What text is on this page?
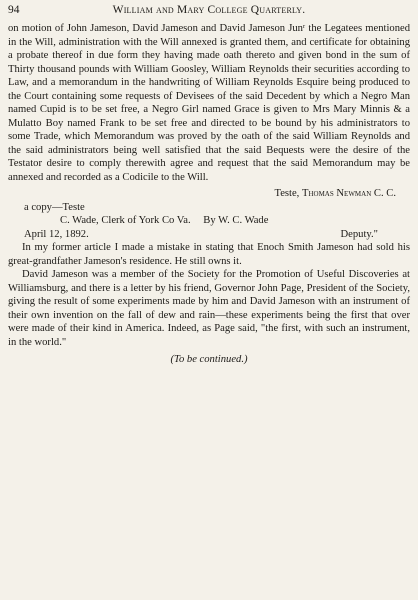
94	William and Mary College Quarterly.

on motion of John Jameson, David Jameson and David Jameson Junʳ the Legatees mentioned in the Will, administration with the Will annexed is granted them, and certificate for obtaining a probate thereof in due form they having made oath thereto and given bond in the sum of Thirty thousand pounds with William Goosley, William Reynolds their securities according to Law, and a memorandum in the handwriting of William Reynolds Esquire being produced to the Court containing some requests of Devisees of the said Decedent by which a Negro Man named Cupid is to be set free, a Negro Girl named Grace is given to Mrs Mary Minnis & a Mulatto Boy named Frank to be set free and directed to be bound by his administrators to some Trade, which Memorandum was proved by the oath of the said William Reynolds and the said administrators being well satisfied that the said Bequests were the desire of the Testator desire to comply therewith agree and request that the said Memorandum may be annexed and recorded as a Codicile to the Will.

Teste, Thomas Newman C. C.
a copy—Teste
C. Wade, Clerk of York Co Va. By W. C. Wade
April 12, 1892.	Deputy."

In my former article I made a mistake in stating that Enoch Smith Jameson had sold his great-grandfather Jameson's residence. He still owns it.

David Jameson was a member of the Society for the Promotion of Useful Discoveries at Williamsburg, and there is a letter by his friend, Governor John Page, President of the Society, giving the result of some experiments made by him and David Jameson with an instrument of their own invention on the fall of dew and rain—these experiments being the first that over were made of their kind in America. Indeed, as Page said, "the first, with such an instrument, in the world."

(To be continued.)
